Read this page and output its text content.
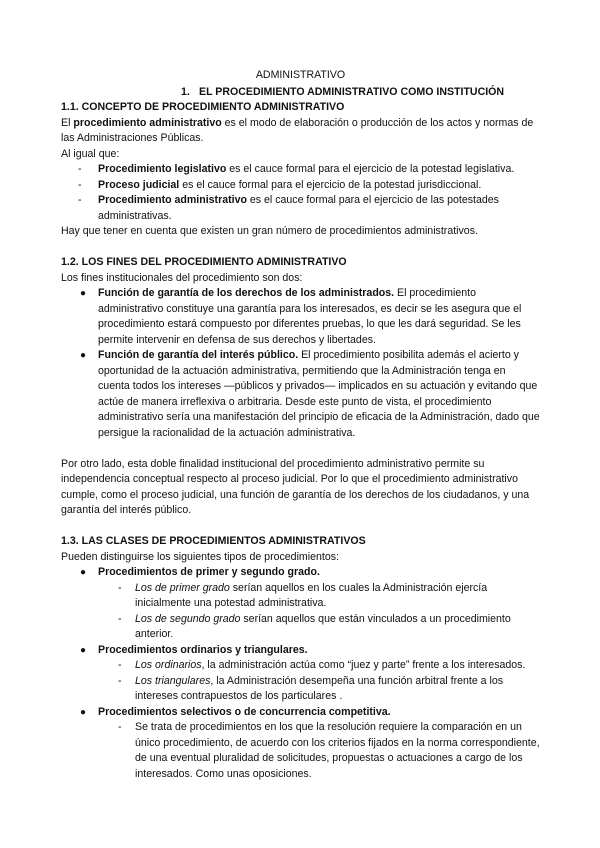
ADMINISTRATIVO

1. EL PROCEDIMIENTO ADMINISTRATIVO COMO INSTITUCIÓN

1.1. CONCEPTO DE PROCEDIMIENTO ADMINISTRATIVO

El procedimiento administrativo es el modo de elaboración o producción de los actos y normas de las Administraciones Públicas.

Al igual que:

- Procedimiento legislativo es el cauce formal para el ejercicio de la potestad legislativa.
- Proceso judicial es el cauce formal para el ejercicio de la potestad jurisdiccional.
- Procedimiento administrativo es el cauce formal para el ejercicio de las potestades administrativas.

Hay que tener en cuenta que existen un gran número de procedimientos administrativos.

1.2. LOS FINES DEL PROCEDIMIENTO ADMINISTRATIVO

Los fines institucionales del procedimiento son dos:

● Función de garantía de los derechos de los administrados. El procedimiento administrativo constituye una garantía para los interesados, es decir se les asegura que el procedimiento estará compuesto por diferentes pruebas, lo que les dará seguridad. Se les permite intervenir en defensa de sus derechos y libertades.
● Función de garantía del interés público. El procedimiento posibilita además el acierto y oportunidad de la actuación administrativa, permitiendo que la Administración tenga en cuenta todos los intereses —públicos y privados— implicados en su actuación y evitando que actúe de manera irreflexiva o arbitraria. Desde este punto de vista, el procedimiento administrativo sería una manifestación del principio de eficacia de la Administración, dado que persigue la racionalidad de la actuación administrativa.

Por otro lado, esta doble finalidad institucional del procedimiento administrativo permite su independencia conceptual respecto al proceso judicial. Por lo que el procedimiento administrativo cumple, como el proceso judicial, una función de garantía de los derechos de los ciudadanos, y una garantía del interés público.

1.3. LAS CLASES DE PROCEDIMIENTOS ADMINISTRATIVOS

Pueden distinguirse los siguientes tipos de procedimientos:

● Procedimientos de primer y segundo grado.
- Los de primer grado serían aquellos en los cuales la Administración ejercía inicialmente una potestad administrativa.
- Los de segundo grado serían aquellos que están vinculados a un procedimiento anterior.
● Procedimientos ordinarios y triangulares.
- Los ordinarios, la administración actúa como “juez y parte” frente a los interesados.
- Los triangulares, la Administración desempeña una función arbitral frente a los intereses contrapuestos de los particulares .
● Procedimientos selectivos o de concurrencia competitiva.
- Se trata de procedimientos en los que la resolución requiere la comparación en un único procedimiento, de acuerdo con los criterios fijados en la norma correspondiente, de una eventual pluralidad de solicitudes, propuestas o actuaciones a cargo de los interesados. Como unas oposiciones.
